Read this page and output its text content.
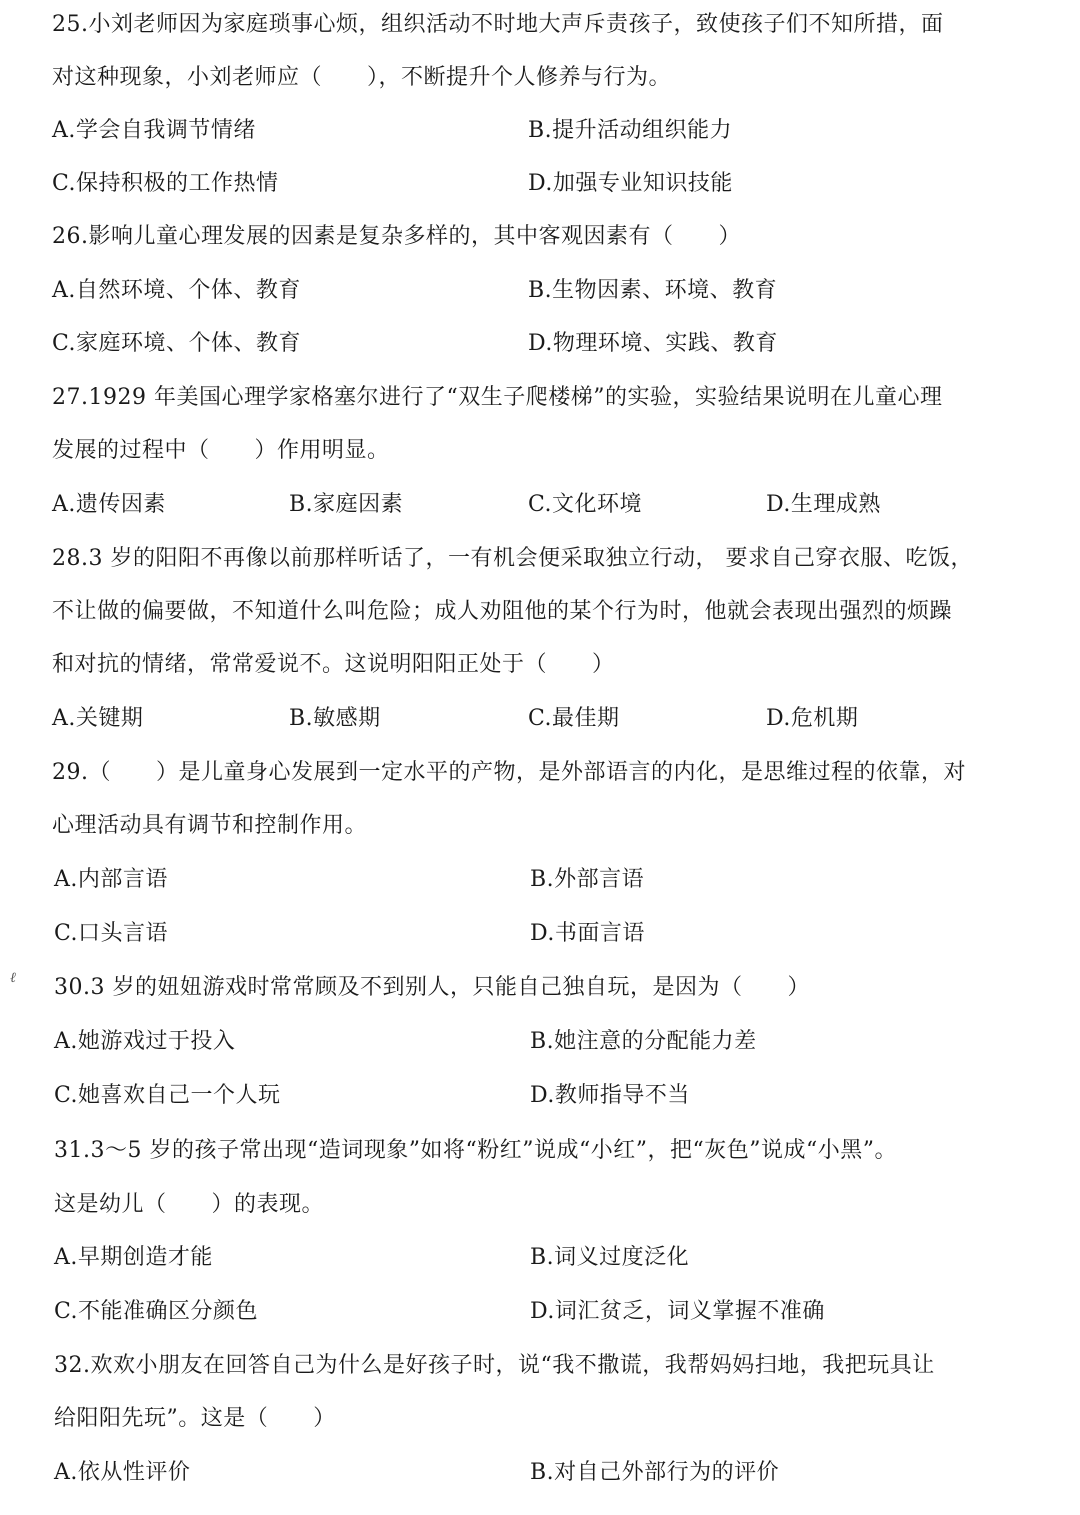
25.小刘老师因为家庭琐事心烦，组织活动不时地大声斥责孩子，致使孩子们不知所措，面
对这种现象，小刘老师应（　　），不断提升个人修养与行为。
A.学会自我调节情绪	B.提升活动组织能力
C.保持积极的工作热情	D.加强专业知识技能
26.影响儿童心理发展的因素是复杂多样的，其中客观因素有（　　）
A.自然环境、个体、教育	B.生物因素、环境、教育
C.家庭环境、个体、教育	D.物理环境、实践、教育
27.1929 年美国心理学家格塞尔进行了“双生子爬楼梯”的实验，实验结果说明在儿童心理
发展的过程中（　　）作用明显。
A.遗传因素	B.家庭因素	C.文化环境	D.生理成熟
28.3 岁的阳阳不再像以前那样听话了，一有机会便采取独立行动， 要求自己穿衣服、吃饭，
不让做的偏要做，不知道什么叫危险；成人劝阻他的某个行为时，他就会表现出强烈的烦躁
和对抗的情绪，常常爱说不。这说明阳阳正处于（　　）
A.关键期	B.敏感期	C.最佳期	D.危机期
29.（　　）是儿童身心发展到一定水平的产物，是外部语言的内化，是思维过程的依靠，对
心理活动具有调节和控制作用。
A.内部言语	B.外部言语
C.口头言语	D.书面言语
ℓ 30.3 岁的妞妞游戏时常常顾及不到别人，只能自己独自玩，是因为（　　）
A.她游戏过于投入	B.她注意的分配能力差
C.她喜欢自己一个人玩	D.教师指导不当
31.3～5 岁的孩子常出现“造词现象”如将“粉红”说成“小红”，把“灰色”说成“小黑”。
这是幼儿（　　）的表现。
A.早期创造才能	B.词义过度泛化
C.不能准确区分颜色	D.词汇贫乏，词义掌握不准确
32.欢欢小朋友在回答自己为什么是好孩子时，说“我不撒谎，我帮妈妈扫地，我把玩具让
给阳阳先玩”。这是（　　）
A.依从性评价	B.对自己外部行为的评价
